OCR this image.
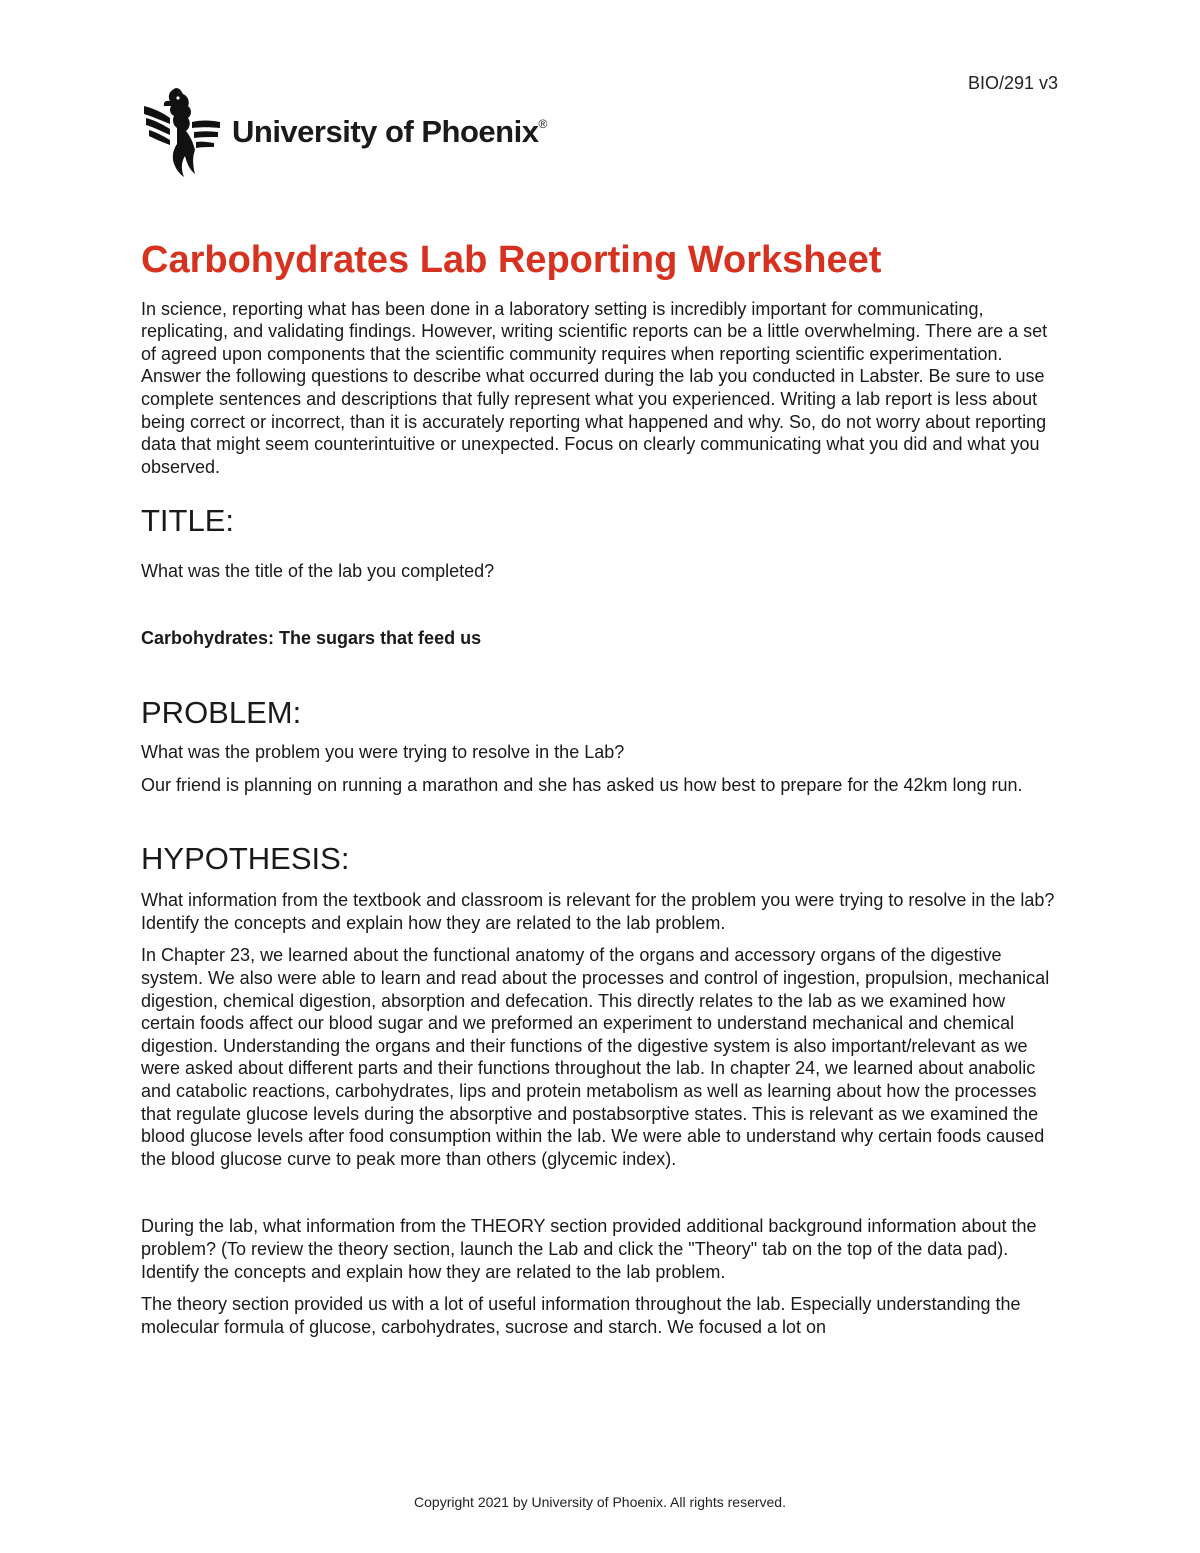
BIO/291 v3
University of Phoenix®
Carbohydrates Lab Reporting Worksheet

In science, reporting what has been done in a laboratory setting is incredibly important for communicating, replicating, and validating findings. However, writing scientific reports can be a little overwhelming. There are a set of agreed upon components that the scientific community requires when reporting scientific experimentation. Answer the following questions to describe what occurred during the lab you conducted in Labster. Be sure to use complete sentences and descriptions that fully represent what you experienced. Writing a lab report is less about being correct or incorrect, than it is accurately reporting what happened and why. So, do not worry about reporting data that might seem counterintuitive or unexpected. Focus on clearly communicating what you did and what you observed.

TITLE:

What was the title of the lab you completed?

Carbohydrates: The sugars that feed us

PROBLEM:

What was the problem you were trying to resolve in the Lab?

Our friend is planning on running a marathon and she has asked us how best to prepare for the 42km long run.

HYPOTHESIS:

What information from the textbook and classroom is relevant for the problem you were trying to resolve in the lab? Identify the concepts and explain how they are related to the lab problem.

In Chapter 23, we learned about the functional anatomy of the organs and accessory organs of the digestive system. We also were able to learn and read about the processes and control of ingestion, propulsion, mechanical digestion, chemical digestion, absorption and defecation. This directly relates to the lab as we examined how certain foods affect our blood sugar and we preformed an experiment to understand mechanical and chemical digestion. Understanding the organs and their functions of the digestive system is also important/relevant as we were asked about different parts and their functions throughout the lab. In chapter 24, we learned about anabolic and catabolic reactions, carbohydrates, lips and protein metabolism as well as learning about how the processes that regulate glucose levels during the absorptive and postabsorptive states. This is relevant as we examined the blood glucose levels after food consumption within the lab. We were able to understand why certain foods caused the blood glucose curve to peak more than others (glycemic index).

During the lab, what information from the THEORY section provided additional background information about the problem? (To review the theory section, launch the Lab and click the "Theory" tab on the top of the data pad). Identify the concepts and explain how they are related to the lab problem.

The theory section provided us with a lot of useful information throughout the lab. Especially understanding the molecular formula of glucose, carbohydrates, sucrose and starch. We focused a lot on

Copyright 2021 by University of Phoenix. All rights reserved.
